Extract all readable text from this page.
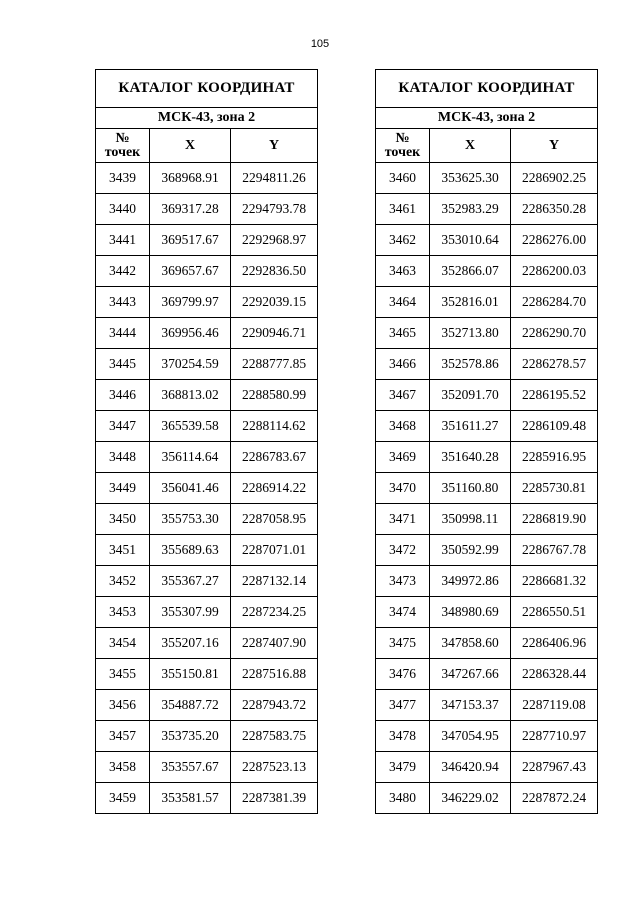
105
КАТАЛОГ КООРДИНАТ		
МСК-43, зона 2		
№
точек	X	Y
3439	368968.91	2294811.26
3440	369317.28	2294793.78
3441	369517.67	2292968.97
3442	369657.67	2292836.50
3443	369799.97	2292039.15
3444	369956.46	2290946.71
3445	370254.59	2288777.85
3446	368813.02	2288580.99
3447	365539.58	2288114.62
3448	356114.64	2286783.67
3449	356041.46	2286914.22
3450	355753.30	2287058.95
3451	355689.63	2287071.01
3452	355367.27	2287132.14
3453	355307.99	2287234.25
3454	355207.16	2287407.90
3455	355150.81	2287516.88
3456	354887.72	2287943.72
3457	353735.20	2287583.75
3458	353557.67	2287523.13
3459	353581.57	2287381.39
КАТАЛОГ КООРДИНАТ		
МСК-43, зона 2		
№
точек	X	Y
3460	353625.30	2286902.25
3461	352983.29	2286350.28
3462	353010.64	2286276.00
3463	352866.07	2286200.03
3464	352816.01	2286284.70
3465	352713.80	2286290.70
3466	352578.86	2286278.57
3467	352091.70	2286195.52
3468	351611.27	2286109.48
3469	351640.28	2285916.95
3470	351160.80	2285730.81
3471	350998.11	2286819.90
3472	350592.99	2286767.78
3473	349972.86	2286681.32
3474	348980.69	2286550.51
3475	347858.60	2286406.96
3476	347267.66	2286328.44
3477	347153.37	2287119.08
3478	347054.95	2287710.97
3479	346420.94	2287967.43
3480	346229.02	2287872.24
